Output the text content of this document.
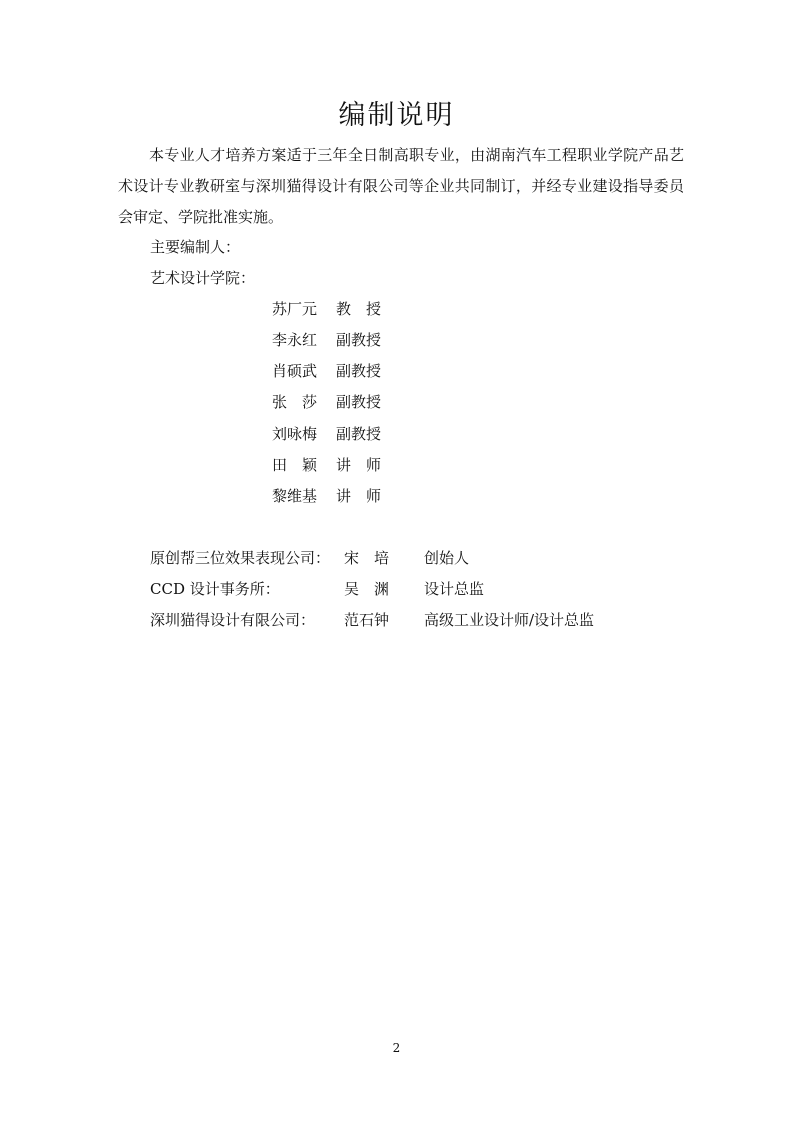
编制说明

本专业人才培养方案适于三年全日制高职专业，由湖南汽车工程职业学院产品艺术设计专业教研室与深圳猫得设计有限公司等企业共同制订，并经专业建设指导委员会审定、学院批准实施。

主要编制人：
艺术设计学院：
苏厂元 教　授
李永红 副教授
肖硕武 副教授
张　莎 副教授
刘咏梅 副教授
田　颖 讲　师
黎维基 讲　师
原创帮三位效果表现公司： 宋　培 创始人
CCD 设计事务所：	吴　渊 设计总监
深圳猫得设计有限公司： 范石钟 高级工业设计师/设计总监
2
